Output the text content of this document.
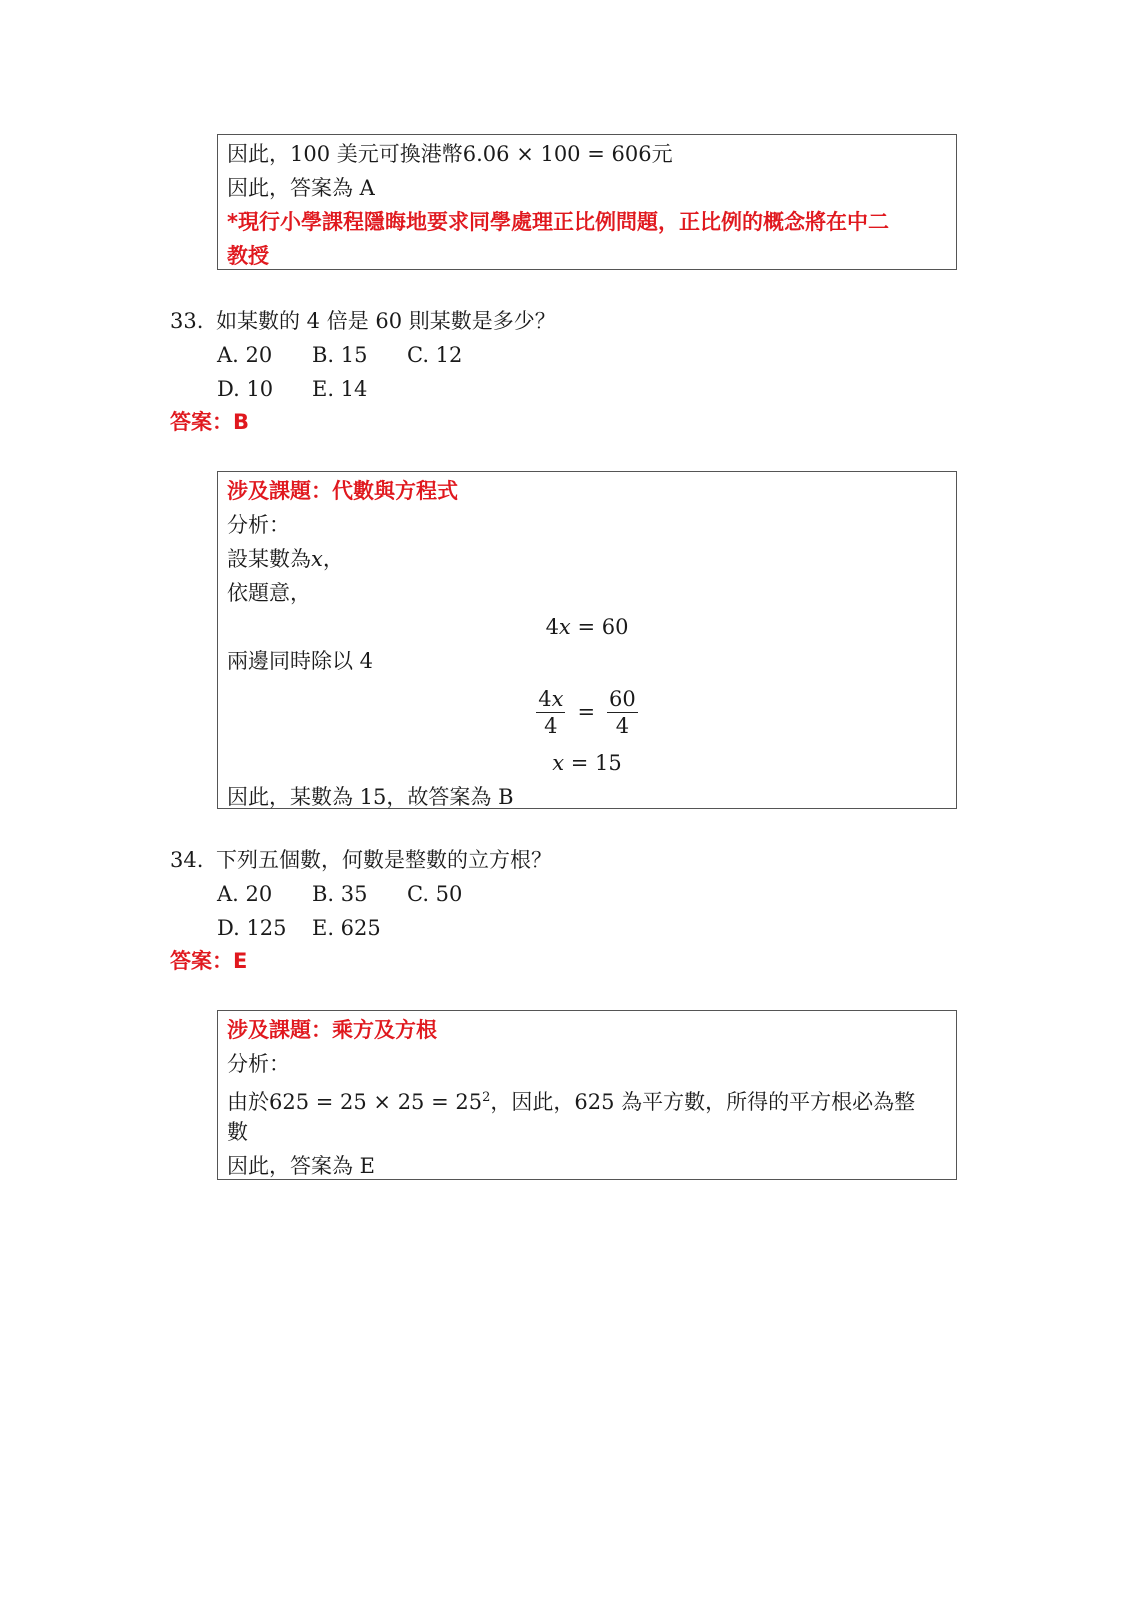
因此，100 美元可換港幣6.06 × 100 = 606元
因此，答案為 A
*現行小學課程隱晦地要求同學處理正比例問題，正比例的概念將在中二
教授
33. 如某數的 4 倍是 60 則某數是多少？
A. 20 B. 15 C. 12
D. 10 E. 14
答案：B
涉及課題：代數與方程式
分析：
設某數為𝑥，
依題意，
4𝑥 = 60
兩邊同時除以 4
$\frac{\text{4𝑥}}{4} = \frac{60}{4}$
𝑥 = 15
因此，某數為 15，故答案為 B
34. 下列五個數，何數是整數的立方根？
A. 20 B. 35 C. 50
D. 125 E. 625
答案：E
涉及課題：乘方及方根
分析：
由於$625 = 25 \times 25 = 25^2$，因此，625 為平方數，所得的平方根必為整
數
因此，答案為 E
